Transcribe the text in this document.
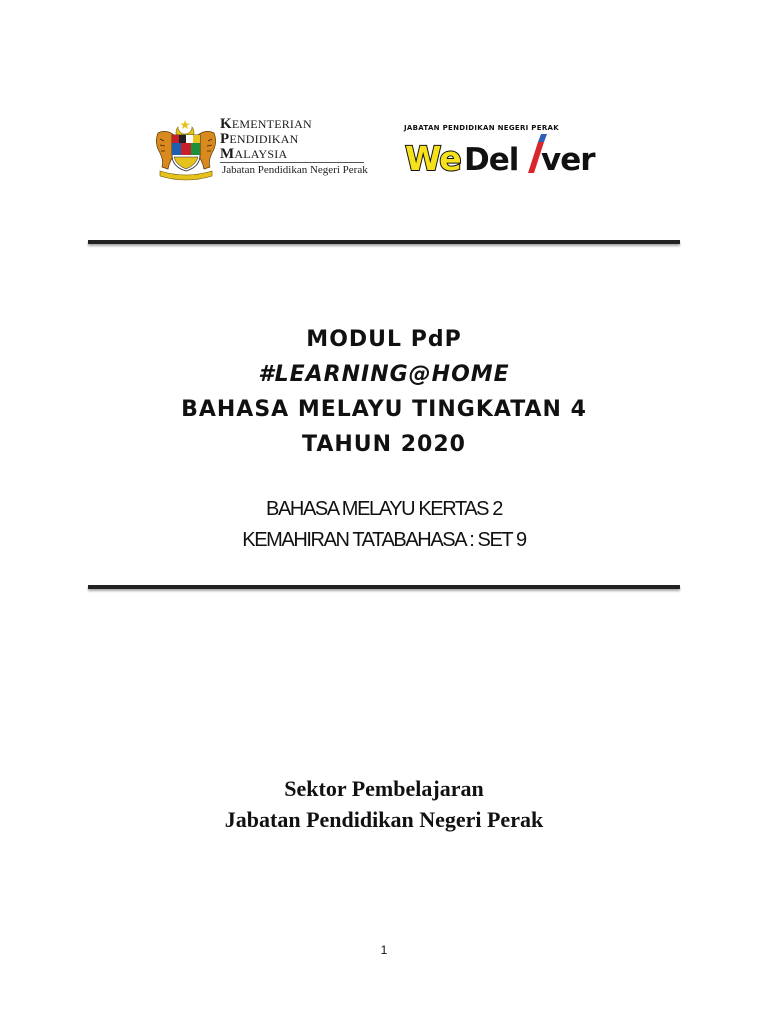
KEMENTERIAN
PENDIDIKAN
MALAYSIA
Jabatan Pendidikan Negeri Perak
JABATAN PENDIDIKAN NEGERI PERAK
We Del ver
MODUL PdP
#LEARNING@HOME
BAHASA MELAYU TINGKATAN 4
TAHUN 2020
BAHASA MELAYU KERTAS 2
KEMAHIRAN TATABAHASA : SET 9
Sektor Pembelajaran
Jabatan Pendidikan Negeri Perak
1
